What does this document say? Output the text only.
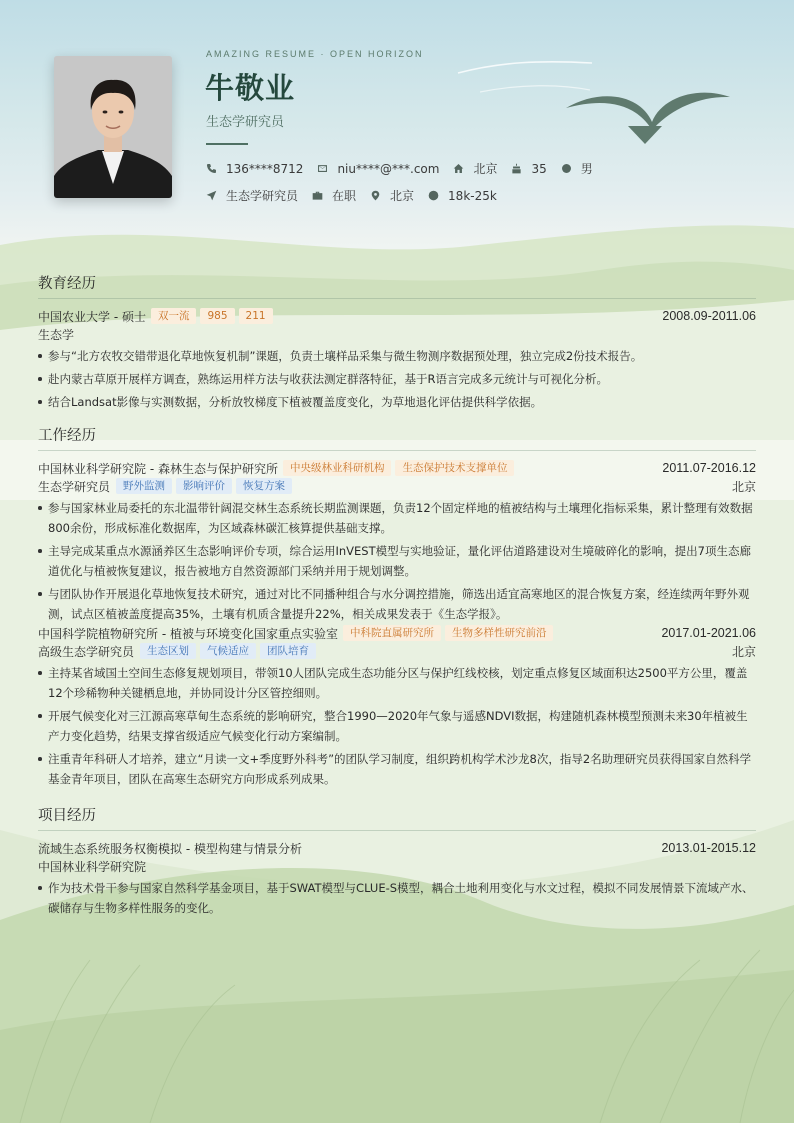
AMAZING RESUME · OPEN HORIZON
牛敬业
生态学研究员
136****8712	niu****@***.com	北京	35	男
生态学研究员	在职	北京	18k-25k
教育经历
中国农业大学 - 硕士	双一流	985	211	2008.09-2011.06
生态学
参与“北方农牧交错带退化草地恢复机制”课题，负责土壤样品采集与微生物测序数据预处理，独立完成2份技术报告。
赴内蒙古草原开展样方调查，熟练运用样方法与收获法测定群落特征，基于R语言完成多元统计与可视化分析。
结合Landsat影像与实测数据，分析放牧梯度下植被覆盖度变化，为草地退化评估提供科学依据。
工作经历
中国林业科学研究院 - 森林生态与保护研究所	中央级林业科研机构	生态保护技术支撑单位	2011.07-2016.12
生态学研究员	野外监测	影响评价	恢复方案	北京
参与国家林业局委托的东北温带针阔混交林生态系统长期监测课题，负责12个固定样地的植被结构与土壤理化指标采集，累计整理有效数据800余份，形成标准化数据库，为区域森林碳汇核算提供基础支撑。
主导完成某重点水源涵养区生态影响评价专项，综合运用InVEST模型与实地验证，量化评估道路建设对生境破碎化的影响，提出7项生态廊道优化与植被恢复建议，报告被地方自然资源部门采纳并用于规划调整。
与团队协作开展退化草地恢复技术研究，通过对比不同播种组合与水分调控措施，筛选出适宜高寒地区的混合恢复方案，经连续两年野外观测，试点区植被盖度提高35%，土壤有机质含量提升22%，相关成果发表于《生态学报》。
中国科学院植物研究所 - 植被与环境变化国家重点实验室	中科院直属研究所	生物多样性研究前沿	2017.01-2021.06
高级生态学研究员	生态区划	气候适应	团队培育	北京
主持某省域国土空间生态修复规划项目，带领10人团队完成生态功能分区与保护红线校核，划定重点修复区域面积达2500平方公里，覆盖12个珍稀物种关键栖息地，并协同设计分区管控细则。
开展气候变化对三江源高寒草甸生态系统的影响研究，整合1990—2020年气象与遥感NDVI数据，构建随机森林模型预测未来30年植被生产力变化趋势，结果支撑省级适应气候变化行动方案编制。
注重青年科研人才培养，建立“月读一文+季度野外科考”的团队学习制度，组织跨机构学术沙龙8次，指导2名助理研究员获得国家自然科学基金青年项目，团队在高寒生态研究方向形成系列成果。
项目经历
流域生态系统服务权衡模拟 - 模型构建与情景分析	2013.01-2015.12
中国林业科学研究院
作为技术骨干参与国家自然科学基金项目，基于SWAT模型与CLUE-S模型，耦合土地利用变化与水文过程，模拟不同发展情景下流域产水、碳储存与生物多样性服务的变化。
